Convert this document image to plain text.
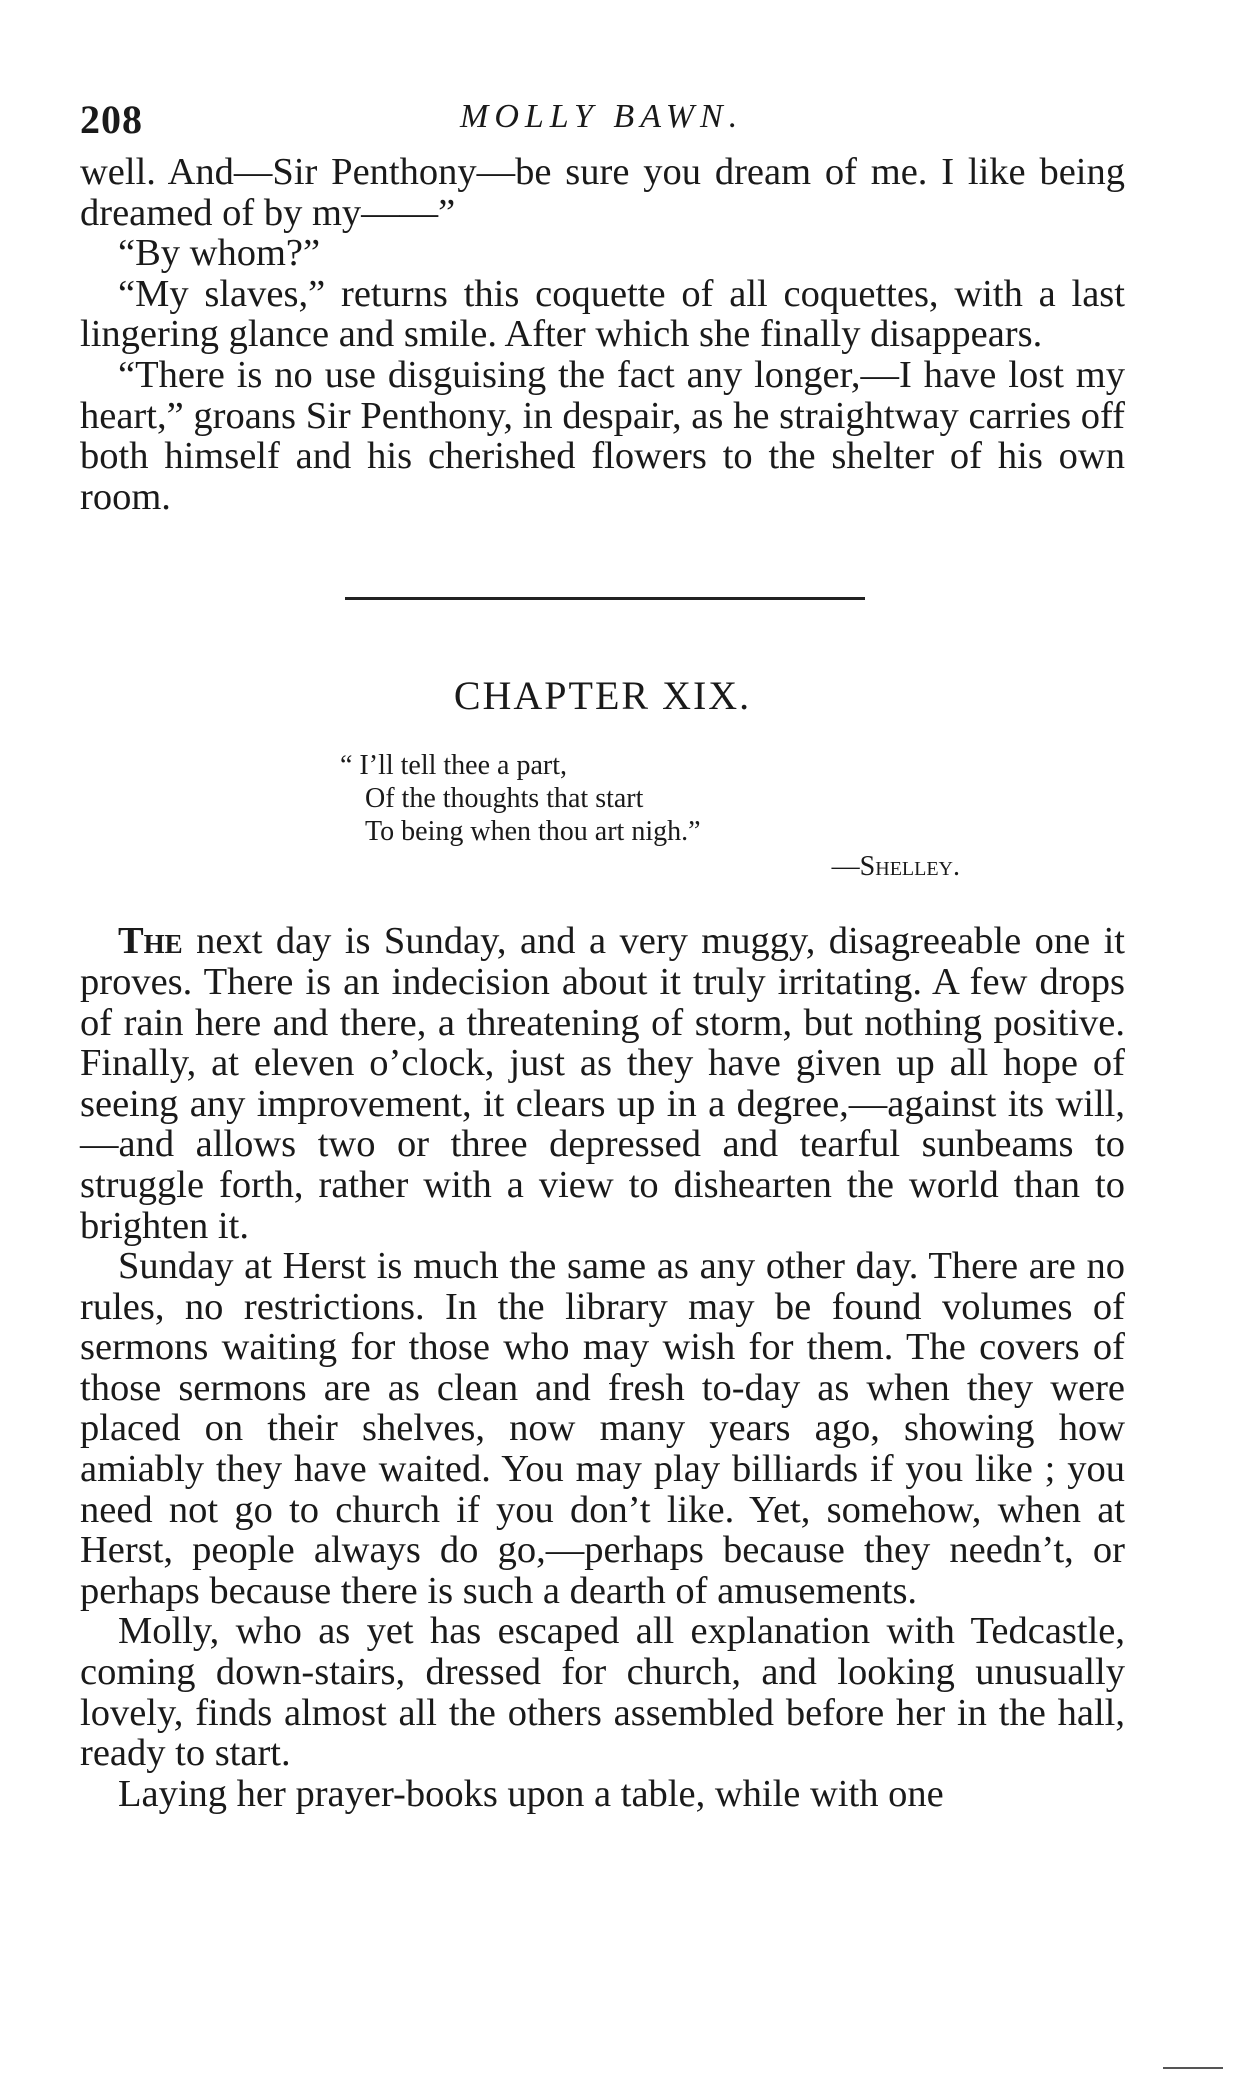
208	MOLLY BAWN.

well. And—Sir Penthony—be sure you dream of me. I like being dreamed of by my——”

“By whom?”

“My slaves,” returns this coquette of all coquettes, with a last lingering glance and smile. After which she finally disappears.

“There is no use disguising the fact any longer,—I have lost my heart,” groans Sir Penthony, in despair, as he straightway carries off both himself and his cherished flowers to the shelter of his own room.

CHAPTER XIX.
“ I’ll tell thee a part,
Of the thoughts that start
To being when thou art nigh.”
—Shelley.

The next day is Sunday, and a very muggy, disagreeable one it proves. There is an indecision about it truly irritating. A few drops of rain here and there, a threatening of storm, but nothing positive. Finally, at eleven o’clock, just as they have given up all hope of seeing any improvement, it clears up in a degree,—against its will,—and allows two or three depressed and tearful sunbeams to struggle forth, rather with a view to dishearten the world than to brighten it.

Sunday at Herst is much the same as any other day. There are no rules, no restrictions. In the library may be found volumes of sermons waiting for those who may wish for them. The covers of those sermons are as clean and fresh to-day as when they were placed on their shelves, now many years ago, showing how amiably they have waited. You may play billiards if you like ; you need not go to church if you don’t like. Yet, somehow, when at Herst, people always do go,—perhaps because they needn’t, or perhaps because there is such a dearth of amusements.

Molly, who as yet has escaped all explanation with Tedcastle, coming down-stairs, dressed for church, and looking unusually lovely, finds almost all the others assembled before her in the hall, ready to start.

Laying her prayer-books upon a table, while with one
